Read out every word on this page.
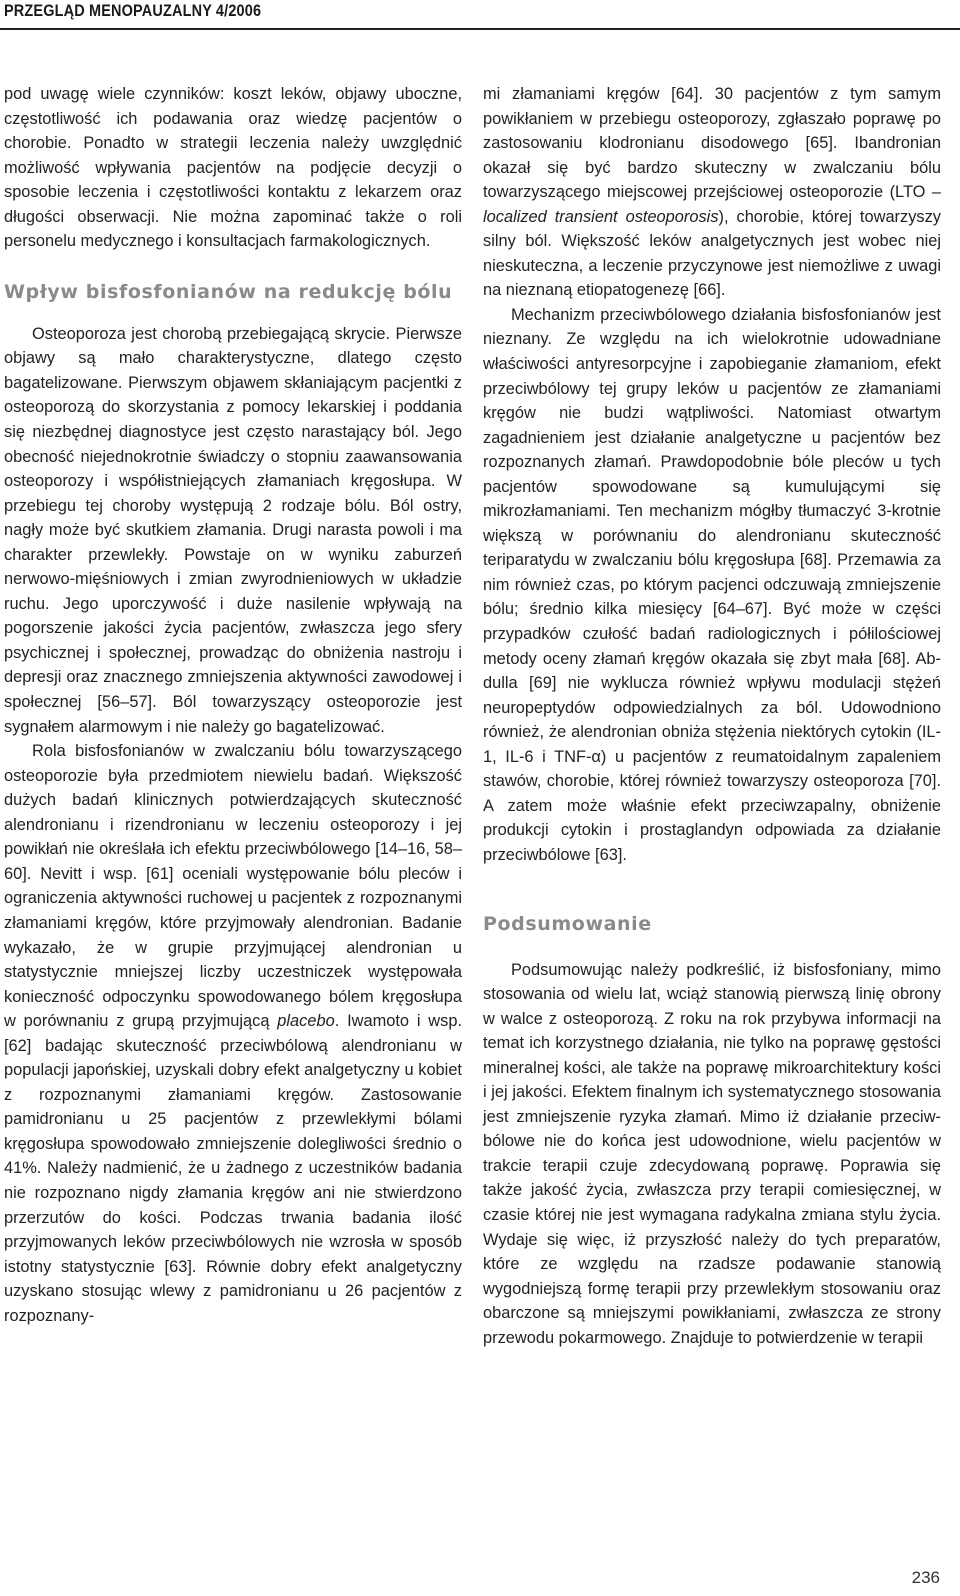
PRZEGLĄD MENOPAUZALNY 4/2006

pod uwagę wiele czynników: koszt leków, objawy uboczne, częstotliwość ich podawania oraz wiedzę pacjentów o chorobie. Ponadto w strategii leczenia należy uwzględnić możliwość wpływania pacjentów na podjęcie decyzji o sposobie leczenia i częstotliwości kontaktu z lekarzem oraz długości obserwacji. Nie można zapominać także o roli personelu medycznego i konsultacjach farmakologicznych.

Wpływ bisfosfonianów na redukcję bólu

Osteoporoza jest chorobą przebiegającą skrycie. Pierwsze objawy są mało charakterystyczne, dlatego często bagatelizowane. Pierwszym objawem skłaniającym pacjentki z osteoporozą do skorzystania z pomocy lekarskiej i poddania się niezbędnej diagnostyce jest często narastający ból. Jego obecność niejednokrotnie świadczy o stopniu zaawansowania osteoporozy i współistniejących złamaniach kręgosłupa. W przebiegu tej choroby występują 2 rodzaje bólu. Ból ostry, nagły może być skutkiem złamania. Drugi narasta powoli i ma charakter przewlekły. Powstaje on w wyniku zaburzeń nerwowo-mięśniowych i zmian zwyrodnieniowych w układzie ruchu. Jego uporczywość i duże nasilenie wpływają na pogorszenie jakości życia pacjentów, zwłaszcza jego sfery psychicznej i społecznej, prowadząc do obniżenia nastroju i depresji oraz znacznego zmniejszenia aktywności zawodowej i społecznej [56–57]. Ból towarzyszący osteoporozie jest sygnałem alarmowym i nie należy go bagatelizować.

Rola bisfosfonianów w zwalczaniu bólu towarzyszącego osteoporozie była przedmiotem niewielu badań. Większość dużych badań klinicznych potwierdzających skuteczność alendronianu i rizendronianu w leczeniu osteoporozy i jej powikłań nie określała ich efektu przeciwbólowego [14–16, 58–60]. Nevitt i wsp. [61] oceniali występowanie bólu pleców i ograniczenia aktywności ruchowej u pacjentek z rozpoznanymi złamaniami kręgów, które przyjmowały alendronian. Badanie wykazało, że w grupie przyjmującej alendronian u statystycznie mniejszej liczby uczestniczek występowała konieczność odpoczynku spowodowanego bólem kręgosłupa w porównaniu z grupą przyjmującą placebo. Iwamoto i wsp. [62] badając skuteczność przeciwbólową alendronianu w populacji japońskiej, uzyskali dobry efekt analgetyczny u kobiet z rozpoznanymi złamaniami kręgów. Zastosowanie pamidronianu u 25 pacjentów z przewlekłymi bólami kręgosłupa spowodowało zmniejszenie dolegliwości średnio o 41%. Należy nadmienić, że u żadnego z uczestników badania nie rozpoznano nigdy złamania kręgów ani nie stwierdzono przerzutów do kości. Podczas trwania badania ilość przyjmowanych leków przeciwbólowych nie wzrosła w sposób istotny statystycznie [63]. Równie dobry efekt analgetyczny uzyskano stosując wlewy z pamidronianu u 26 pacjentów z rozpoznany-

mi złamaniami kręgów [64]. 30 pacjentów z tym samym powikłaniem w przebiegu osteoporozy, zgłaszało poprawę po zastosowaniu klodronianu disodowego [65]. Ibandronian okazał się być bardzo skuteczny w zwalczaniu bólu towarzyszącego miejscowej przejściowej osteoporozie (LTO – localized transient osteoporosis), chorobie, której towarzyszy silny ból. Większość leków analgetycznych jest wobec niej nieskuteczna, a leczenie przyczynowe jest niemożliwe z uwagi na nieznaną etiopatogenezę [66].

Mechanizm przeciwbólowego działania bisfosfonianów jest nieznany. Ze względu na ich wielokrotnie udowadniane właściwości antyresorpcyjne i zapobieganie złamaniom, efekt przeciwbólowy tej grupy leków u pacjentów ze złamaniami kręgów nie budzi wątpliwości. Natomiast otwartym zagadnieniem jest działanie analgetyczne u pacjentów bez rozpoznanych złamań. Prawdopodobnie bóle pleców u tych pacjentów spowodowane są kumulującymi się mikrozłamaniami. Ten mechanizm mógłby tłumaczyć 3-krotnie większą w porównaniu do alendronianu skuteczność teriparatydu w zwalczaniu bólu kręgosłupa [68]. Przemawia za nim również czas, po którym pacjenci odczuwają zmniejszenie bólu; średnio kilka miesięcy [64–67]. Być może w części przypadków czułość badań radiologicznych i półilościowej metody oceny złamań kręgów okazała się zbyt mała [68]. Abdulla [69] nie wyklucza również wpływu modulacji stężeń neuropeptydów odpowiedzialnych za ból. Udowodniono również, że alendronian obniża stężenia niektórych cytokin (IL-1, IL-6 i TNF-α) u pacjentów z reumatoidalnym zapaleniem stawów, chorobie, której również towarzyszy osteoporoza [70]. A zatem może właśnie efekt przeciwzapalny, obniżenie produkcji cytokin i prostaglandyn odpowiada za działanie przeciwbólowe [63].

Podsumowanie

Podsumowując należy podkreślić, iż bisfosfoniany, mimo stosowania od wielu lat, wciąż stanowią pierwszą linię obrony w walce z osteoporozą. Z roku na rok przybywa informacji na temat ich korzystnego działania, nie tylko na poprawę gęstości mineralnej kości, ale także na poprawę mikroarchitektury kości i jej jakości. Efektem finalnym ich systematycznego stosowania jest zmniejszenie ryzyka złamań. Mimo iż działanie przeciwbólowe nie do końca jest udowodnione, wielu pacjentów w trakcie terapii czuje zdecydowaną poprawę. Poprawia się także jakość życia, zwłaszcza przy terapii comiesięcznej, w czasie której nie jest wymagana radykalna zmiana stylu życia. Wydaje się więc, iż przyszłość należy do tych preparatów, które ze względu na rzadsze podawanie stanowią wygodniejszą formę terapii przy przewlekłym stosowaniu oraz obarczone są mniejszymi powikłaniami, zwłaszcza ze strony przewodu pokarmowego. Znajduje to potwierdzenie w terapii

236
